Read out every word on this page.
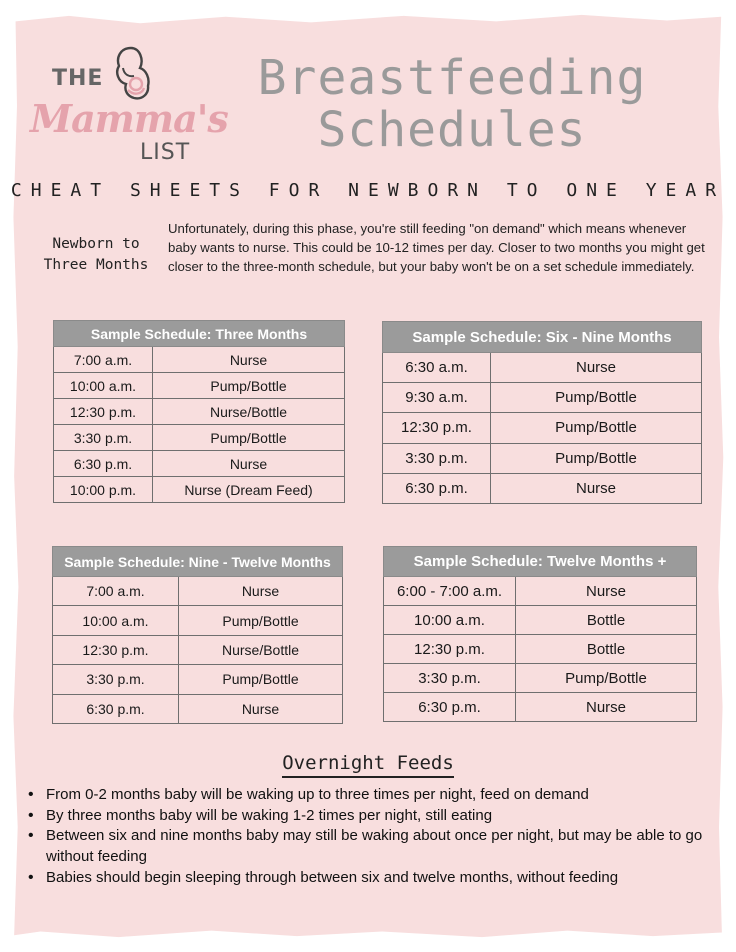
THE
Mamma's
LIST
Breastfeeding
Schedules
CHEAT SHEETS FOR NEWBORN TO ONE YEAR
Newborn to
Three Months

Unfortunately, during this phase, you're still feeding "on demand" which means whenever baby wants to nurse. This could be 10-12 times per day. Closer to two months you might get closer to the three-month schedule, but your baby won't be on a set schedule immediately.

Sample Schedule: Three Months	
7:00 a.m.	Nurse
10:00 a.m.	Pump/Bottle
12:30 p.m.	Nurse/Bottle
3:30 p.m.	Pump/Bottle
6:30 p.m.	Nurse
10:00 p.m.	Nurse (Dream Feed)
Sample Schedule: Six - Nine Months	
6:30 a.m.	Nurse
9:30 a.m.	Pump/Bottle
12:30 p.m.	Pump/Bottle
3:30 p.m.	Pump/Bottle
6:30 p.m.	Nurse
Sample Schedule: Nine - Twelve Months	
7:00 a.m.	Nurse
10:00 a.m.	Pump/Bottle
12:30 p.m.	Nurse/Bottle
3:30 p.m.	Pump/Bottle
6:30 p.m.	Nurse
Sample Schedule: Twelve Months +	
6:00 - 7:00 a.m.	Nurse
10:00 a.m.	Bottle
12:30 p.m.	Bottle
3:30 p.m.	Pump/Bottle
6:30 p.m.	Nurse
Overnight Feeds
• From 0-2 months baby will be waking up to three times per night, feed on demand
• By three months baby will be waking 1-2 times per night, still eating
• Between six and nine months baby may still be waking about once per night, but may be able to go without feeding
• Babies should begin sleeping through between six and twelve months, without feeding
